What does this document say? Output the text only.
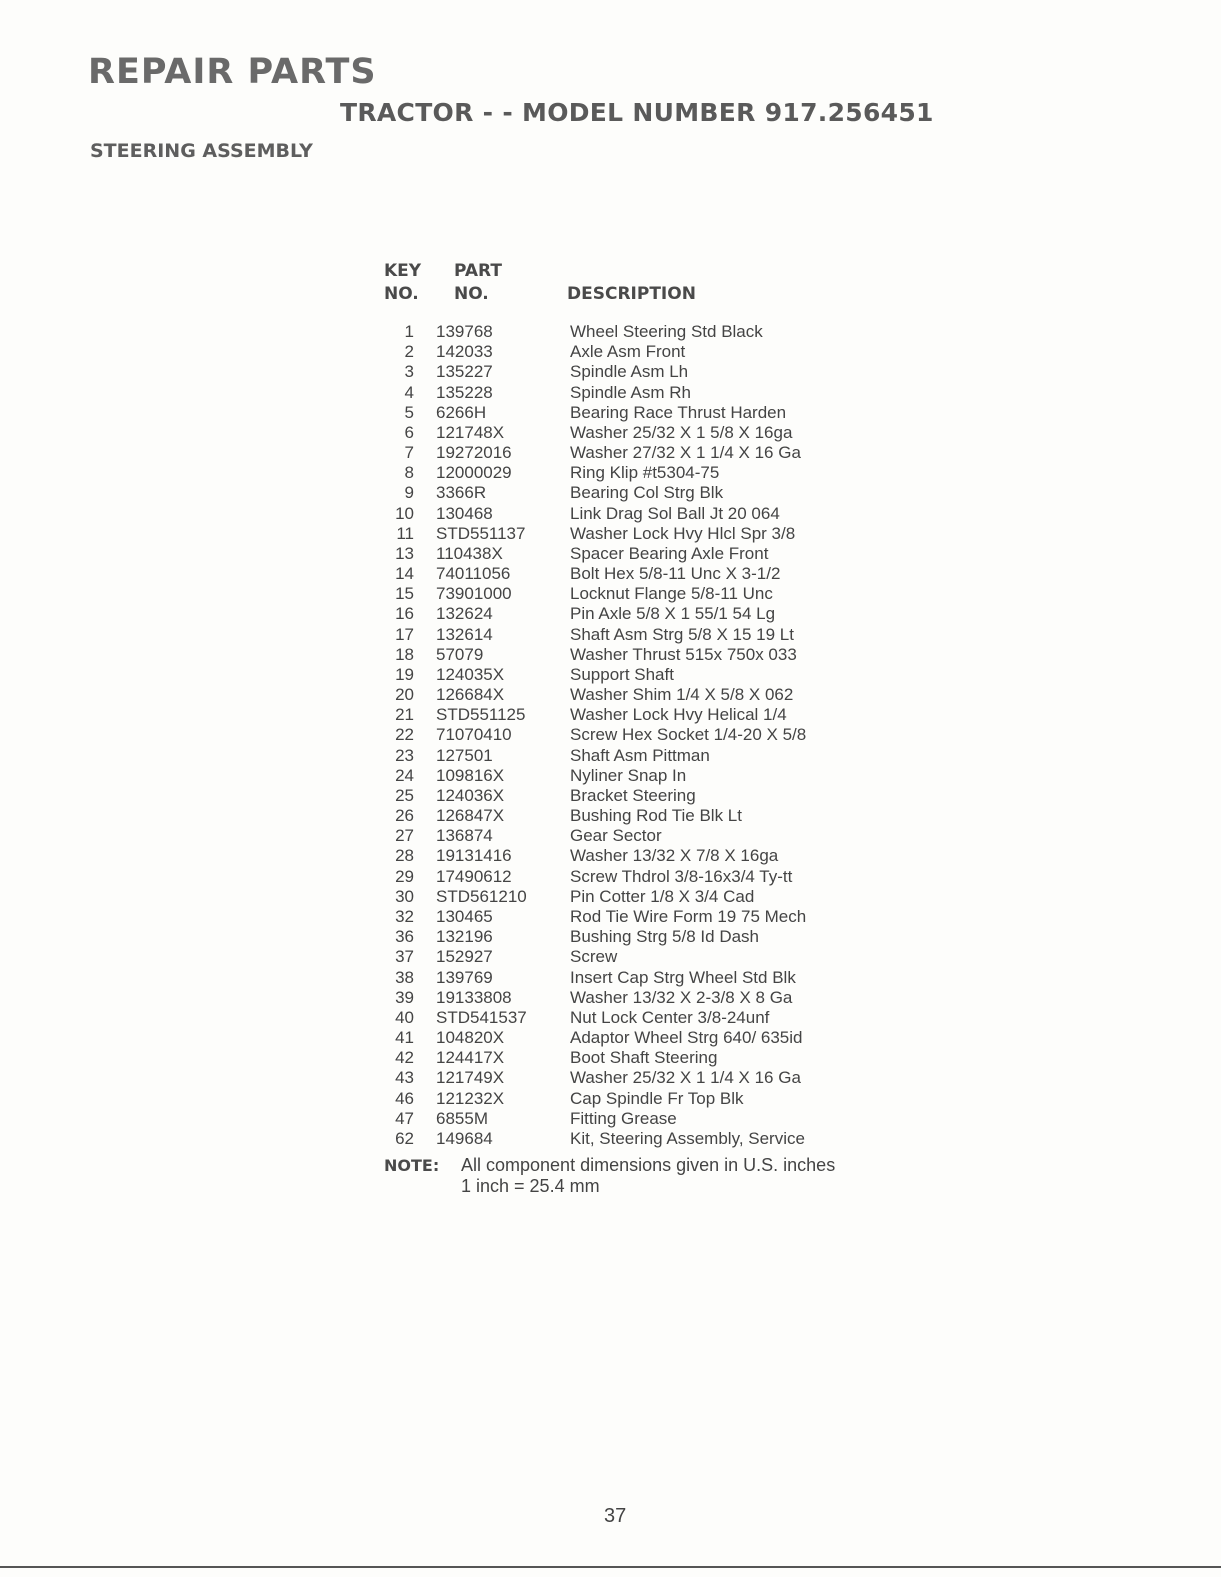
REPAIR PARTS
TRACTOR - - MODEL NUMBER 917.256451
STEERING ASSEMBLY
KEY
NO.
PART
NO.	DESCRIPTION
1 139768	Wheel Steering Std Black
2 142033	Axle Asm Front
3 135227	Spindle Asm Lh
4 135228	Spindle Asm Rh
5 6266H	Bearing Race Thrust Harden
6 121748X	Washer 25/32 X 1 5/8 X 16ga
7 19272016	Washer 27/32 X 1 1/4 X 16 Ga
8 12000029	Ring Klip #t5304-75
9 3366R	Bearing Col Strg Blk
10 130468	Link Drag Sol Ball Jt 20 064
11 STD551137	Washer Lock Hvy Hlcl Spr 3/8
13 110438X	Spacer Bearing Axle Front
14 74011056	Bolt Hex 5/8-11 Unc X 3-1/2
15 73901000	Locknut Flange 5/8-11 Unc
16 132624	Pin Axle 5/8 X 1 55/1 54 Lg
17 132614	Shaft Asm Strg 5/8 X 15 19 Lt
18 57079	Washer Thrust 515x 750x 033
19 124035X	Support Shaft
20 126684X	Washer Shim 1/4 X 5/8 X 062
21 STD551125	Washer Lock Hvy Helical 1/4
22 71070410	Screw Hex Socket 1/4-20 X 5/8
23 127501	Shaft Asm Pittman
24 109816X	Nyliner Snap In
25 124036X	Bracket Steering
26 126847X	Bushing Rod Tie Blk Lt
27 136874	Gear Sector
28 19131416	Washer 13/32 X 7/8 X 16ga
29 17490612	Screw Thdrol 3/8-16x3/4 Ty-tt
30 STD561210	Pin Cotter 1/8 X 3/4 Cad
32 130465	Rod Tie Wire Form 19 75 Mech
36 132196	Bushing Strg 5/8 Id Dash
37 152927	Screw
38 139769	Insert Cap Strg Wheel Std Blk
39 19133808	Washer 13/32 X 2-3/8 X 8 Ga
40 STD541537	Nut Lock Center 3/8-24unf
41 104820X	Adaptor Wheel Strg 640/ 635id
42 124417X	Boot Shaft Steering
43 121749X	Washer 25/32 X 1 1/4 X 16 Ga
46 121232X	Cap Spindle Fr Top Blk
47 6855M	Fitting Grease
62 149684	Kit, Steering Assembly, Service
NOTE: All component dimensions given in U.S. inches
1 inch = 25.4 mm
37
